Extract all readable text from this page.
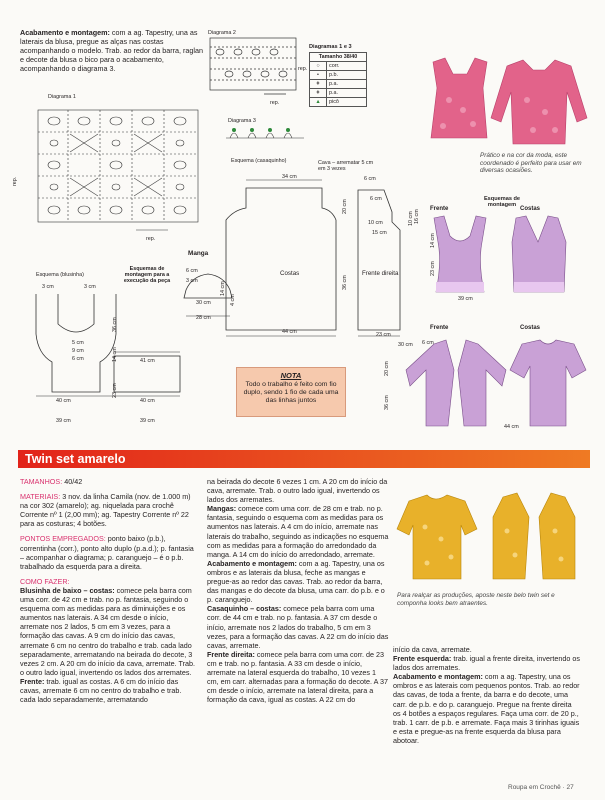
Acabamento e montagem: com a ag. Tapestry, una as laterais da blusa, pregue as alças nas costas acompanhando o modelo. Trab. ao redor da barra, raglan e decote da blusa o bico para o acabamento, acompanhando o diagrama 3.
Diagrama 2
rep.
rep.
Diagramas 1 e 3
Tamanho 38/40	
○	corr.
•	p.b.
ǂ	p.a.
ǂ	p.a.
▲	picô
Prático e na cor da moda, este coordenado é perfeito para usar em diversas ocasiões.
Diagrama 1
rep.
rep.
Diagrama 3
Esquema (casaquinho)	Cava – arrematar 5 cm em 3 vezes
34 cm	6 cm
6 cm
10 cm
15 cm
20 cm
36 cm
10 cm
Costas	Frente direita
44 cm	23 cm
Manga
6 cm
3 cm
14 cm
4 cm
30 cm
28 cm
Esquema (blusinha)
Esquemas de montagem para a execução da peça
3 cm	3 cm
5 cm
9 cm
6 cm
36 cm
14 cm
40 cm
39 cm
41 cm
23 cm
40 cm
39 cm
NOTA
Todo o trabalho é feito com fio duplo, sendo 1 fio de cada uma das linhas juntos
Frente
Esquemas de montagem
Costas
39 cm
14 cm
23 cm
16 cm
Frente	Costas
30 cm 6 cm
20 cm
36 cm
44 cm
Twin set amarelo
TAMANHOS: 40/42
MATERIAIS: 3 nov. da linha Camila (nov. de 1.000 m) na cor 302 (amarelo); ag. niquelada para crochê Corrente nº 1 (2,00 mm); ag. Tapestry Corrente nº 22 para as costuras; 4 botões.
PONTOS EMPREGADOS: ponto baixo (p.b.), correntinha (corr.), ponto alto duplo (p.a.d.); p. fantasia – acompanhar o diagrama; p. caranguejo – é o p.b. trabalhado da esquerda para a direita.
COMO FAZER:
Blusinha de baixo – costas: comece pela barra com uma corr. de 42 cm e trab. no p. fantasia, seguindo o esquema com as medidas para as diminuições e os aumentos nas laterais. A 34 cm desde o início, arremate nos 2 lados, 5 cm em 3 vezes, para a formação das cavas. A 9 cm do início das cavas, arremate 6 cm no centro do trabalho e trab. cada lado separadamente, arrematando na beirada do decote, 3 vezes 2 cm. A 20 cm do início da cava, arremate. Trab. o outro lado igual, invertendo os lados dos arremates.
Frente: trab. igual as costas. A 6 cm do início das cavas, arremate 6 cm no centro do trabalho e trab. cada lado separadamente, arrematando
na beirada do decote 6 vezes 1 cm. A 20 cm do início da cava, arremate. Trab. o outro lado igual, invertendo os lados dos arremates.
Mangas: comece com uma corr. de 28 cm e trab. no p. fantasia, seguindo o esquema com as medidas para os aumentos nas laterais. A 4 cm do início, arremate nas laterais do trabalho, seguindo as indicações no esquema com as medidas para a formação do arredondado da manga. A 14 cm do início do arredondado, arremate.
Acabamento e montagem: com a ag. Tapestry, una os ombros e as laterais da blusa, feche as mangas e pregue-as ao redor das cavas. Trab. ao redor da barra, das mangas e do decote da blusa, uma carr. do p.b. e o p. caranguejo.
Casaquinho – costas: comece pela barra com uma corr. de 44 cm e trab. no p. fantasia. A 37 cm desde o início, arremate nos 2 lados do trabalho, 5 cm em 3 vezes, para a formação das cavas. A 22 cm do início das cavas, arremate.
Frente direita: comece pela barra com uma corr. de 23 cm e trab. no p. fantasia. A 33 cm desde o início, arremate na lateral esquerda do trabalho, 10 vezes 1 cm, em carr. alternadas para a formação do decote. A 37 cm desde o início, arremate na lateral direita, para a formação da cava, igual as costas. A 22 cm do
Para realçar as produções, aposte neste belo twin set e componha looks bem atraentes.
início da cava, arremate.
Frente esquerda: trab. igual a frente direita, invertendo os lados dos arremates.
Acabamento e montagem: com a ag. Tapestry, una os ombros e as laterais com pequenos pontos. Trab. ao redor das cavas, de toda a frente, da barra e do decote, uma carr. de p.b. e do p. caranguejo. Pregue na frente direita os 4 botões a espaços regulares. Faça uma corr. de 20 p., trab. 1 carr. de p.b. e arremate. Faça mais 3 tirinhas iguais e esta e pregue-as na frente esquerda da blusa para abotoar.
Roupa em Crochê · 27
